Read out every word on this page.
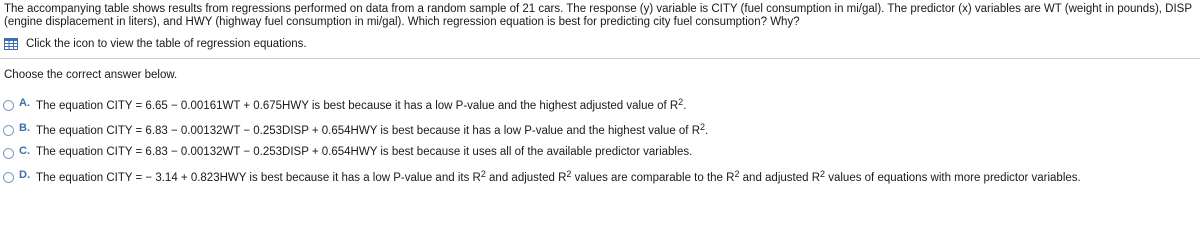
The accompanying table shows results from regressions performed on data from a random sample of 21 cars. The response (y) variable is CITY (fuel consumption in mi/gal). The predictor (x) variables are WT (weight in pounds), DISP (engine displacement in liters), and HWY (highway fuel consumption in mi/gal). Which regression equation is best for predicting city fuel consumption? Why?
Click the icon to view the table of regression equations.
Choose the correct answer below.
A. The equation CITY = 6.65 − 0.00161WT + 0.675HWY is best because it has a low P-value and the highest adjusted value of $R^2$.
B. The equation CITY = 6.83 − 0.00132WT − 0.253DISP + 0.654HWY is best because it has a low P-value and the highest value of $R^2$.
C. The equation CITY = 6.83 − 0.00132WT − 0.253DISP + 0.654HWY is best because it uses all of the available predictor variables.
D. The equation CITY = − 3.14 + 0.823HWY is best because it has a low P-value and its $R^2$ and adjusted $R^2$ values are comparable to the $R^2$ and adjusted $R^2$ values of equations with more predictor variables.
